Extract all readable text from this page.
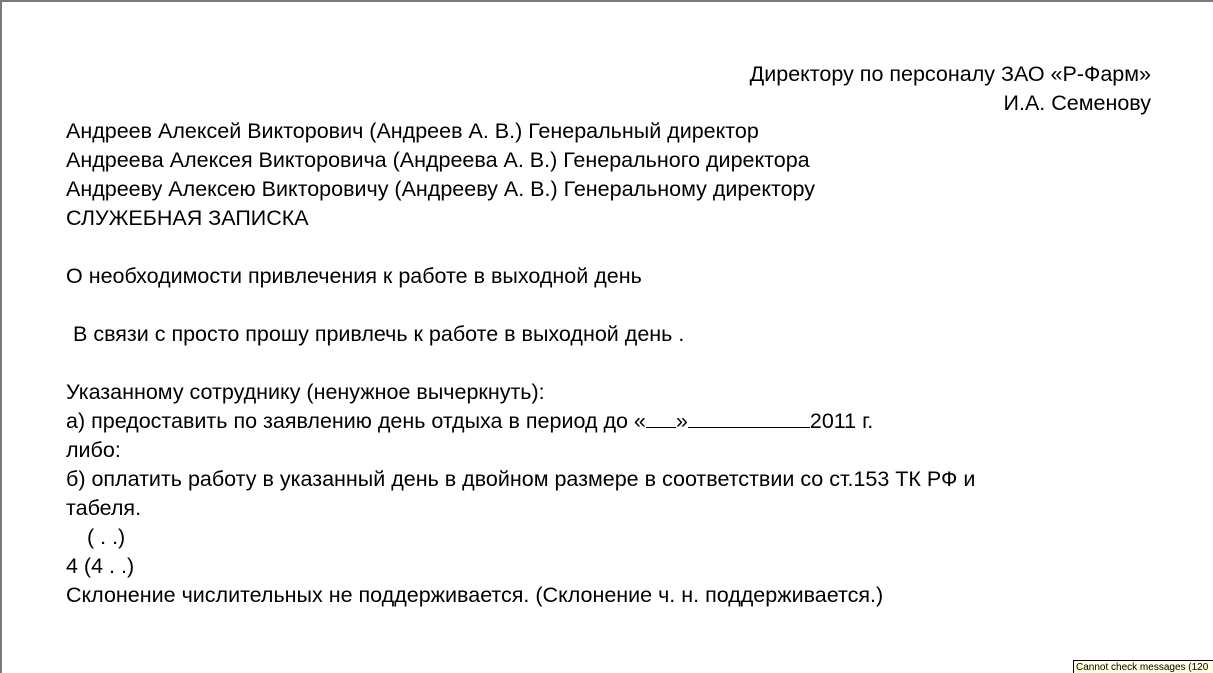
Директору по персоналу ЗАО «Р-Фарм»
И.А. Семенову
Андреев Алексей Викторович (Андреев А. В.) Генеральный директор
Андреева Алексея Викторовича (Андреева А. В.) Генерального директора
Андрееву Алексею Викторовичу (Андрееву А. В.) Генеральному директору
СЛУЖЕБНАЯ ЗАПИСКА
О необходимости привлечения к работе в выходной день
В связи с просто прошу привлечь к работе в выходной день .
Указанному сотруднику (ненужное вычеркнуть):
а) предоставить по заявлению день отдыха в период до « »	2011 г.
либо:
б) оплатить работу в указанный день в двойном размере в соответствии со ст.153 ТК РФ и
табеля.
( . .)
4 (4 . .)
Склонение числительных не поддерживается. (Склонение ч. н. поддерживается.)
Cannot check messages (120
